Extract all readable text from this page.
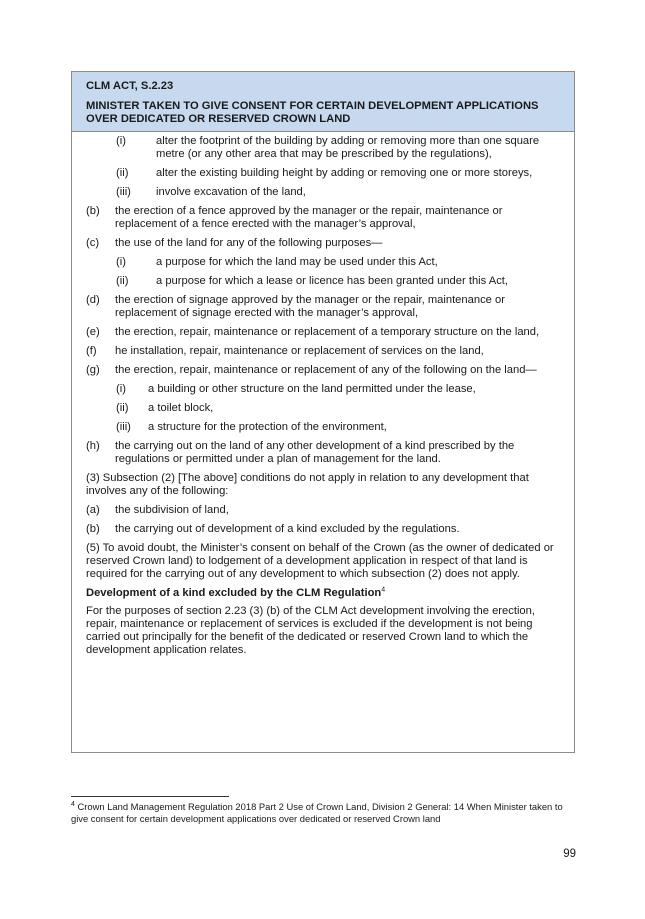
CLM ACT, S.2.23
MINISTER TAKEN TO GIVE CONSENT FOR CERTAIN DEVELOPMENT APPLICATIONS OVER DEDICATED OR RESERVED CROWN LAND
(i)	alter the footprint of the building by adding or removing more than one square metre (or any other area that may be prescribed by the regulations),
(ii)	alter the existing building height by adding or removing one or more storeys,
(iii)	involve excavation of the land,
(b)	the erection of a fence approved by the manager or the repair, maintenance or replacement of a fence erected with the manager’s approval,
(c)	the use of the land for any of the following purposes—
(i)	a purpose for which the land may be used under this Act,
(ii)	a purpose for which a lease or licence has been granted under this Act,
(d)	the erection of signage approved by the manager or the repair, maintenance or replacement of signage erected with the manager’s approval,
(e)	the erection, repair, maintenance or replacement of a temporary structure on the land,
(f)	he installation, repair, maintenance or replacement of services on the land,
(g)	the erection, repair, maintenance or replacement of any of the following on the land—
(i)	a building or other structure on the land permitted under the lease,
(ii)	a toilet block,
(iii)	a structure for the protection of the environment,
(h)	the carrying out on the land of any other development of a kind prescribed by the regulations or permitted under a plan of management for the land.
(3) Subsection (2) [The above] conditions do not apply in relation to any development that involves any of the following:
(a)	the subdivision of land,
(b)	the carrying out of development of a kind excluded by the regulations.
(5) To avoid doubt, the Minister’s consent on behalf of the Crown (as the owner of dedicated or reserved Crown land) to lodgement of a development application in respect of that land is required for the carrying out of any development to which subsection (2) does not apply.
Development of a kind excluded by the CLM Regulation$^4$
For the purposes of section 2.23 (3) (b) of the CLM Act development involving the erection, repair, maintenance or replacement of services is excluded if the development is not being carried out principally for the benefit of the dedicated or reserved Crown land to which the development application relates.
$^4$ Crown Land Management Regulation 2018 Part 2 Use of Crown Land, Division 2 General: 14 When Minister taken to give consent for certain development applications over dedicated or reserved Crown land
99
